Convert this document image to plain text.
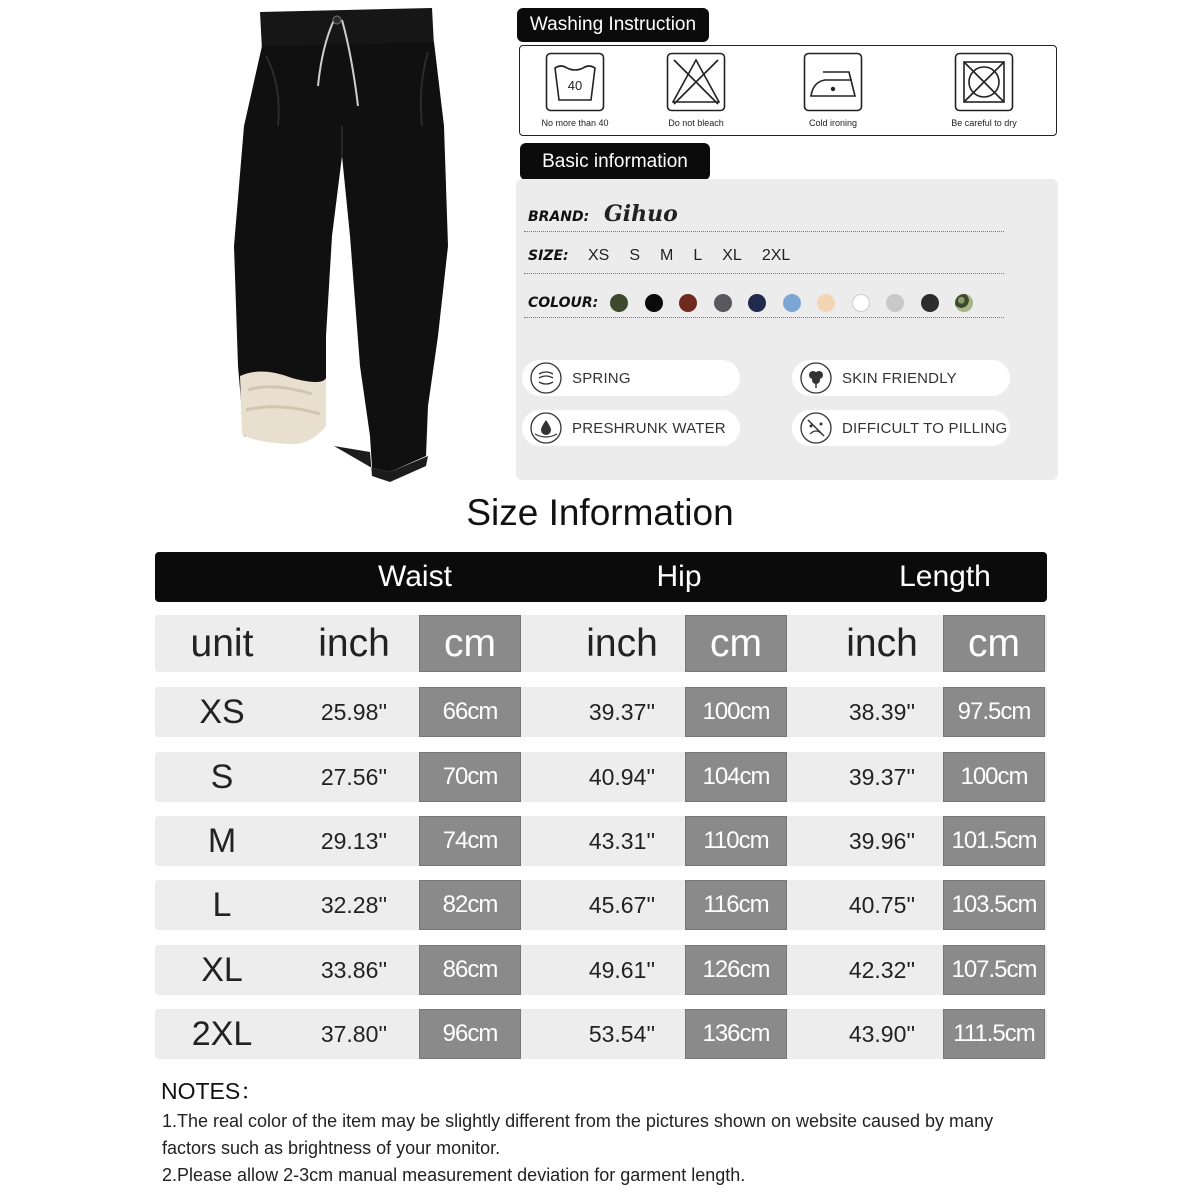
Washing Instruction
40
No more than 40	Do not bleach	Cold ironing	Be careful to dry
Basic information
BRAND: Gihuo
SIZE: XS S M L XL 2XL
COLOUR:
SPRING	SKIN FRIENDLY
PRESHRUNK WATER	DIFFICULT TO PILLING
Size Information
Waist	Hip	Length
unit	inch	cm	inch	cm	inch	cm
XS	25.98''	66cm	39.37''	100cm	38.39''	97.5cm
S	27.56''	70cm	40.94''	104cm	39.37''	100cm
M	29.13''	74cm	43.31''	110cm	39.96''	101.5cm
L	32.28''	82cm	45.67''	116cm	40.75''	103.5cm
XL	33.86''	86cm	49.61''	126cm	42.32''	107.5cm
2XL	37.80''	96cm	53.54''	136cm	43.90''	111.5cm
NOTES：
1.The real color of the item may be slightly different from the pictures shown on website caused by many factors such as brightness of your monitor.
2.Please allow 2-3cm manual measurement deviation for garment length.
